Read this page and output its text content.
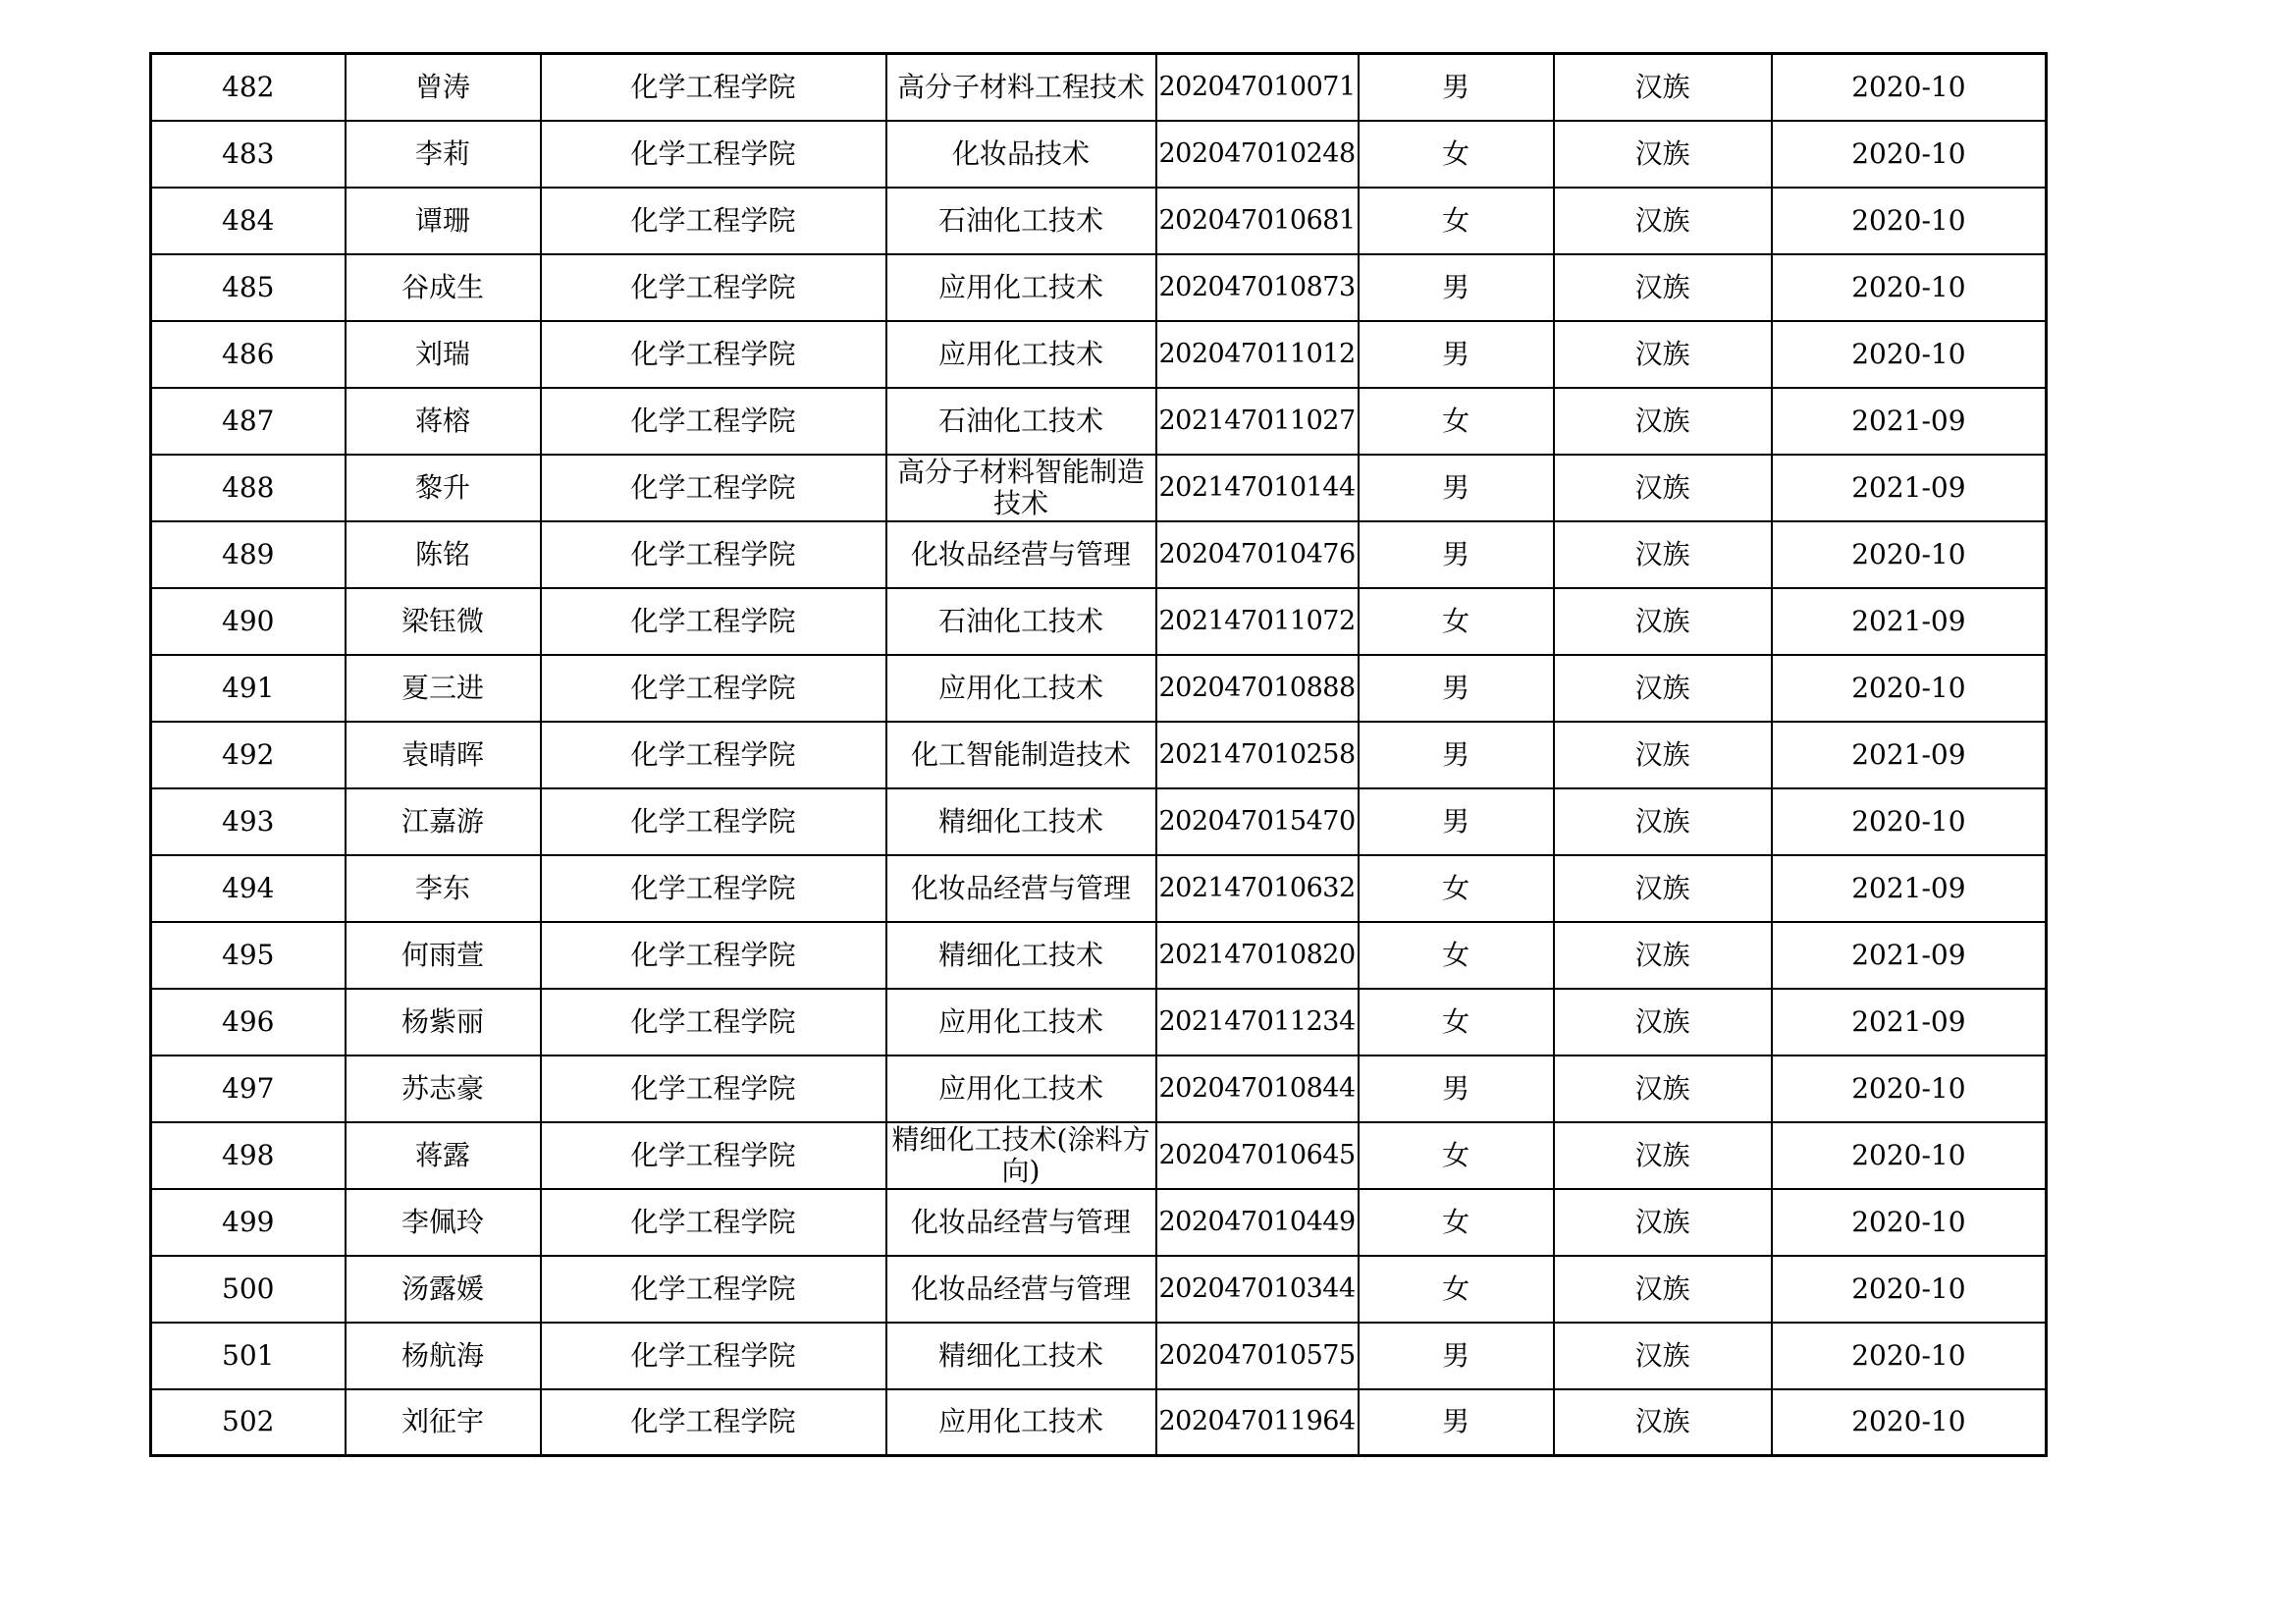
482	曾涛	化学工程学院	高分子材料工程技术	202047010071	男	汉族	2020-10
483	李莉	化学工程学院	化妆品技术	202047010248	女	汉族	2020-10
484	谭珊	化学工程学院	石油化工技术	202047010681	女	汉族	2020-10
485	谷成生	化学工程学院	应用化工技术	202047010873	男	汉族	2020-10
486	刘瑞	化学工程学院	应用化工技术	202047011012	男	汉族	2020-10
487	蒋榕	化学工程学院	石油化工技术	202147011027	女	汉族	2021-09
488	黎升	化学工程学院	高分子材料智能制造技术	202147010144	男	汉族	2021-09
489	陈铭	化学工程学院	化妆品经营与管理	202047010476	男	汉族	2020-10
490	梁钰微	化学工程学院	石油化工技术	202147011072	女	汉族	2021-09
491	夏三进	化学工程学院	应用化工技术	202047010888	男	汉族	2020-10
492	袁晴晖	化学工程学院	化工智能制造技术	202147010258	男	汉族	2021-09
493	江嘉游	化学工程学院	精细化工技术	202047015470	男	汉族	2020-10
494	李东	化学工程学院	化妆品经营与管理	202147010632	女	汉族	2021-09
495	何雨萱	化学工程学院	精细化工技术	202147010820	女	汉族	2021-09
496	杨紫丽	化学工程学院	应用化工技术	202147011234	女	汉族	2021-09
497	苏志豪	化学工程学院	应用化工技术	202047010844	男	汉族	2020-10
498	蒋露	化学工程学院	精细化工技术(涂料方向)	202047010645	女	汉族	2020-10
499	李佩玲	化学工程学院	化妆品经营与管理	202047010449	女	汉族	2020-10
500	汤露媛	化学工程学院	化妆品经营与管理	202047010344	女	汉族	2020-10
501	杨航海	化学工程学院	精细化工技术	202047010575	男	汉族	2020-10
502	刘征宇	化学工程学院	应用化工技术	202047011964	男	汉族	2020-10
